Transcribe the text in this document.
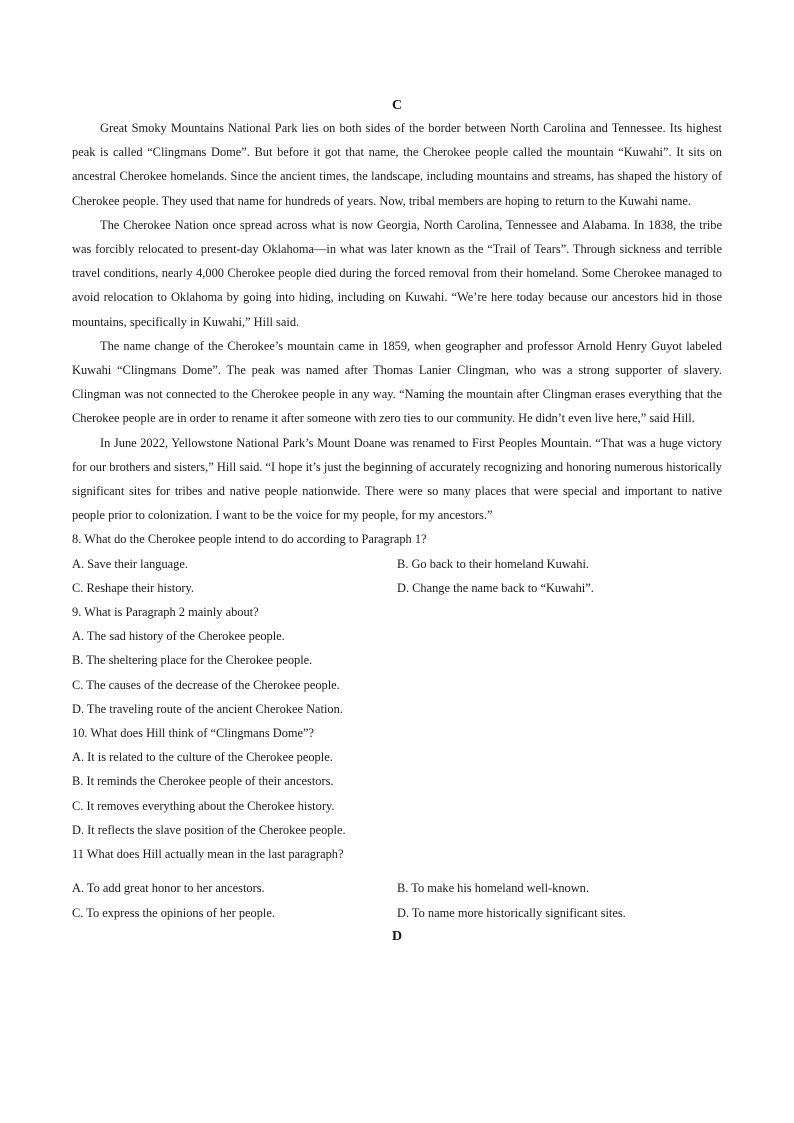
C

Great Smoky Mountains National Park lies on both sides of the border between North Carolina and Tennessee. Its highest peak is called “Clingmans Dome”. But before it got that name, the Cherokee people called the mountain “Kuwahi”. It sits on ancestral Cherokee homelands. Since the ancient times, the landscape, including mountains and streams, has shaped the history of Cherokee people. They used that name for hundreds of years. Now, tribal members are hoping to return to the Kuwahi name.

The Cherokee Nation once spread across what is now Georgia, North Carolina, Tennessee and Alabama. In 1838, the tribe was forcibly relocated to present-day Oklahoma—in what was later known as the “Trail of Tears”. Through sickness and terrible travel conditions, nearly 4,000 Cherokee people died during the forced removal from their homeland. Some Cherokee managed to avoid relocation to Oklahoma by going into hiding, including on Kuwahi. “We’re here today because our ancestors hid in those mountains, specifically in Kuwahi,” Hill said.

The name change of the Cherokee’s mountain came in 1859, when geographer and professor Arnold Henry Guyot labeled Kuwahi “Clingmans Dome”. The peak was named after Thomas Lanier Clingman, who was a strong supporter of slavery. Clingman was not connected to the Cherokee people in any way. “Naming the mountain after Clingman erases everything that the Cherokee people are in order to rename it after someone with zero ties to our community. He didn’t even live here,” said Hill.

In June 2022, Yellowstone National Park’s Mount Doane was renamed to First Peoples Mountain. “That was a huge victory for our brothers and sisters,” Hill said. “I hope it’s just the beginning of accurately recognizing and honoring numerous historically significant sites for tribes and native people nationwide. There were so many places that were special and important to native people prior to colonization. I want to be the voice for my people, for my ancestors.”

8. What do the Cherokee people intend to do according to Paragraph 1?

A. Save their language.	B. Go back to their homeland Kuwahi.
C. Reshape their history.	D. Change the name back to “Kuwahi”.

9. What is Paragraph 2 mainly about?

A. The sad history of the Cherokee people.

B. The sheltering place for the Cherokee people.

C. The causes of the decrease of the Cherokee people.

D. The traveling route of the ancient Cherokee Nation.

10. What does Hill think of “Clingmans Dome”?

A. It is related to the culture of the Cherokee people.

B. It reminds the Cherokee people of their ancestors.

C. It removes everything about the Cherokee history.

D. It reflects the slave position of the Cherokee people.

11 What does Hill actually mean in the last paragraph?

A. To add great honor to her ancestors.	B. To make his homeland well-known.
C. To express the opinions of her people.	D. To name more historically significant sites.
D
